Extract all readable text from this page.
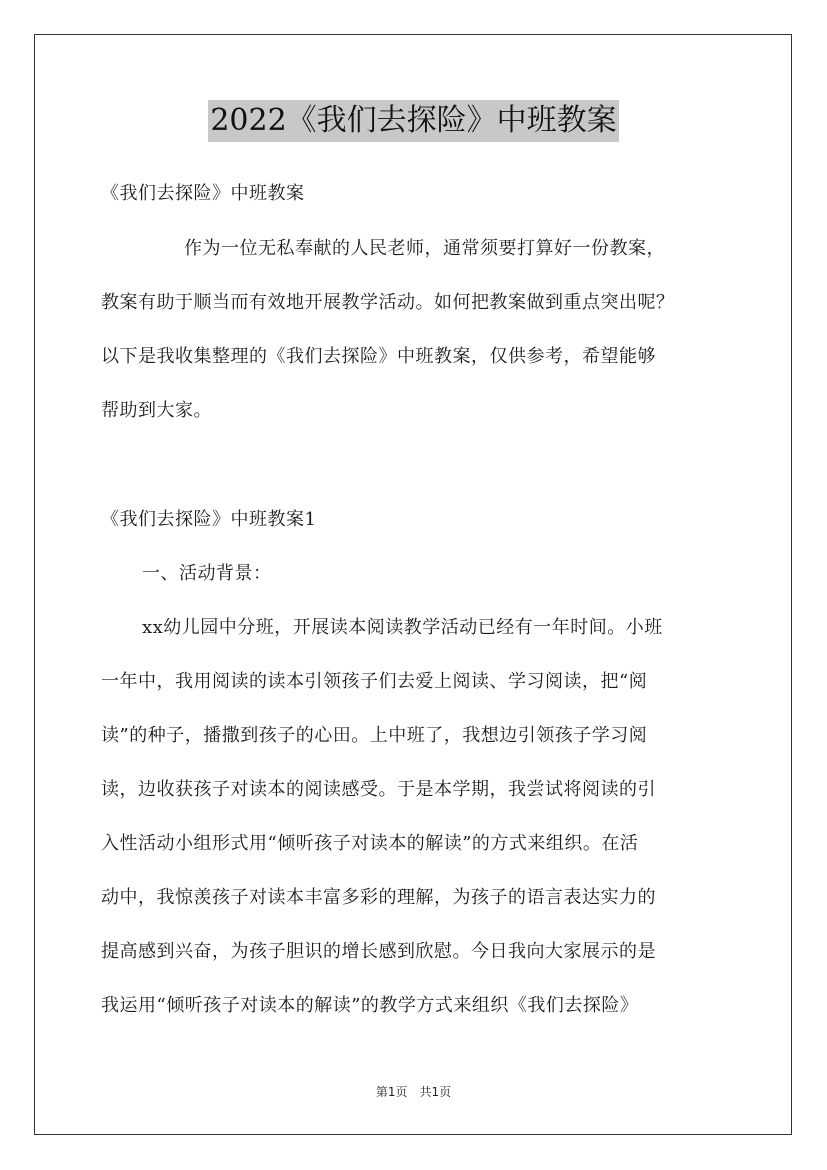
2022《我们去探险》中班教案
《我们去探险》中班教案
作为一位无私奉献的人民老师，通常须要打算好一份教案，
教案有助于顺当而有效地开展教学活动。如何把教案做到重点突出呢？
以下是我收集整理的《我们去探险》中班教案，仅供参考，希望能够
帮助到大家。
《我们去探险》中班教案1
一、活动背景：
xx幼儿园中分班，开展读本阅读教学活动已经有一年时间。小班
一年中，我用阅读的读本引领孩子们去爱上阅读、学习阅读，把“阅
读”的种子，播撒到孩子的心田。上中班了，我想边引领孩子学习阅
读，边收获孩子对读本的阅读感受。于是本学期，我尝试将阅读的引
入性活动小组形式用“倾听孩子对读本的解读”的方式来组织。在活
动中，我惊羡孩子对读本丰富多彩的理解，为孩子的语言表达实力的
提高感到兴奋，为孩子胆识的增长感到欣慰。今日我向大家展示的是
我运用“倾听孩子对读本的解读”的教学方式来组织《我们去探险》
第1页　共1页
